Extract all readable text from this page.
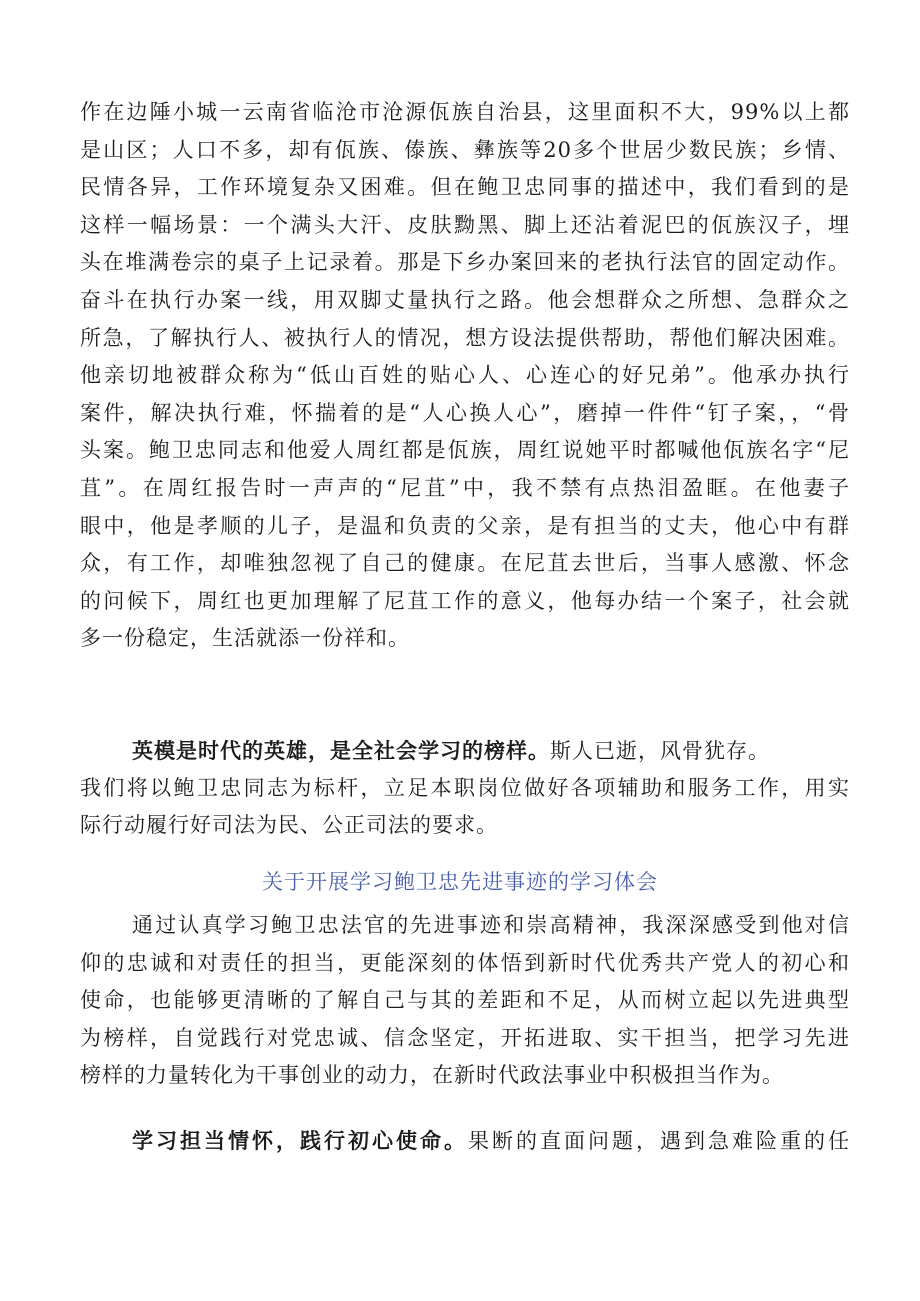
作在边陲小城一云南省临沧市沧源佤族自治县，这里面积不大，99%以上都
是山区；人口不多，却有佤族、傣族、彝族等20多个世居少数民族；乡情、
民情各异，工作环境复杂又困难。但在鲍卫忠同事的描述中，我们看到的是
这样一幅场景：一个满头大汗、皮肤黝黑、脚上还沾着泥巴的佤族汉子，埋
头在堆满卷宗的桌子上记录着。那是下乡办案回来的老执行法官的固定动作。
奋斗在执行办案一线，用双脚丈量执行之路。他会想群众之所想、急群众之
所急，了解执行人、被执行人的情况，想方设法提供帮助，帮他们解决困难。
他亲切地被群众称为“低山百姓的贴心人、心连心的好兄弟”。他承办执行
案件，解决执行难，怀揣着的是“人心换人心”，磨掉一件件“钉子案，，“骨
头案。鲍卫忠同志和他爱人周红都是佤族，周红说她平时都喊他佤族名字“尼
苴”。在周红报告时一声声的“尼苴”中，我不禁有点热泪盈眶。在他妻子
眼中，他是孝顺的儿子，是温和负责的父亲，是有担当的丈夫，他心中有群
众，有工作，却唯独忽视了自己的健康。在尼苴去世后，当事人感激、怀念
的问候下，周红也更加理解了尼苴工作的意义，他每办结一个案子，社会就
多一份稳定，生活就添一份祥和。
英模是时代的英雄，是全社会学习的榜样。斯人已逝，风骨犹存。
我们将以鲍卫忠同志为标杆，立足本职岗位做好各项辅助和服务工作，用实
际行动履行好司法为民、公正司法的要求。
关于开展学习鲍卫忠先进事迹的学习体会
通过认真学习鲍卫忠法官的先进事迹和崇高精神，我深深感受到他对信
仰的忠诚和对责任的担当，更能深刻的体悟到新时代优秀共产党人的初心和
使命，也能够更清晰的了解自己与其的差距和不足，从而树立起以先进典型
为榜样，自觉践行对党忠诚、信念坚定，开拓进取、实干担当，把学习先进
榜样的力量转化为干事创业的动力，在新时代政法事业中积极担当作为。
学习担当情怀，践行初心使命。果断的直面问题，遇到急难险重的任
